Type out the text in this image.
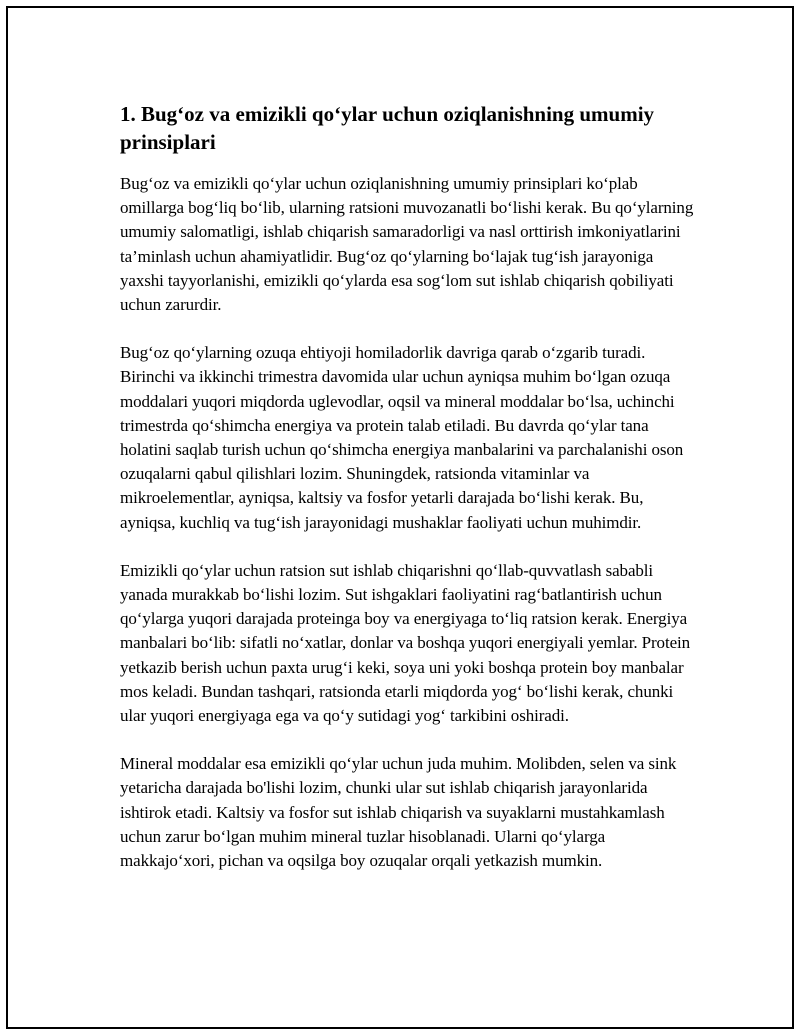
1. Bug‘oz va emizikli qo‘ylar uchun oziqlanishning umumiy prinsiplari

Bug‘oz va emizikli qo‘ylar uchun oziqlanishning umumiy prinsiplari ko‘plab omillarga bog‘liq bo‘lib, ularning ratsioni muvozanatli bo‘lishi kerak. Bu qo‘ylarning umumiy salomatligi, ishlab chiqarish samaradorligi va nasl orttirish imkoniyatlarini ta’minlash uchun ahamiyatlidir. Bug‘oz qo‘ylarning bo‘lajak tug‘ish jarayoniga yaxshi tayyorlanishi, emizikli qo‘ylarda esa sog‘lom sut ishlab chiqarish qobiliyati uchun zarurdir.

Bug‘oz qo‘ylarning ozuqa ehtiyoji homiladorlik davriga qarab o‘zgarib turadi. Birinchi va ikkinchi trimestra davomida ular uchun ayniqsa muhim bo‘lgan ozuqa moddalari yuqori miqdorda uglevodlar, oqsil va mineral moddalar bo‘lsa, uchinchi trimestrda qo‘shimcha energiya va protein talab etiladi. Bu davrda qo‘ylar tana holatini saqlab turish uchun qo‘shimcha energiya manbalarini va parchalanishi oson ozuqalarni qabul qilishlari lozim. Shuningdek, ratsionda vitaminlar va mikroelementlar, ayniqsa, kaltsiy va fosfor yetarli darajada bo‘lishi kerak. Bu, ayniqsa, kuchliq va tug‘ish jarayonidagi mushaklar faoliyati uchun muhimdir.

Emizikli qo‘ylar uchun ratsion sut ishlab chiqarishni qo‘llab-quvvatlash sababli yanada murakkab bo‘lishi lozim. Sut ishgaklari faoliyatini rag‘batlantirish uchun qo‘ylarga yuqori darajada proteinga boy va energiyaga to‘liq ratsion kerak. Energiya manbalari bo‘lib: sifatli no‘xatlar, donlar va boshqa yuqori energiyali yemlar. Protein yetkazib berish uchun paxta urug‘i keki, soya uni yoki boshqa protein boy manbalar mos keladi. Bundan tashqari, ratsionda etarli miqdorda yog‘ bo‘lishi kerak, chunki ular yuqori energiyaga ega va qo‘y sutidagi yog‘ tarkibini oshiradi.

Mineral moddalar esa emizikli qo‘ylar uchun juda muhim. Molibden, selen va sink yetaricha darajada bo'lishi lozim, chunki ular sut ishlab chiqarish jarayonlarida ishtirok etadi. Kaltsiy va fosfor sut ishlab chiqarish va suyaklarni mustahkamlash uchun zarur bo‘lgan muhim mineral tuzlar hisoblanadi. Ularni qo‘ylarga makkajo‘xori, pichan va oqsilga boy ozuqalar orqali yetkazish mumkin.
